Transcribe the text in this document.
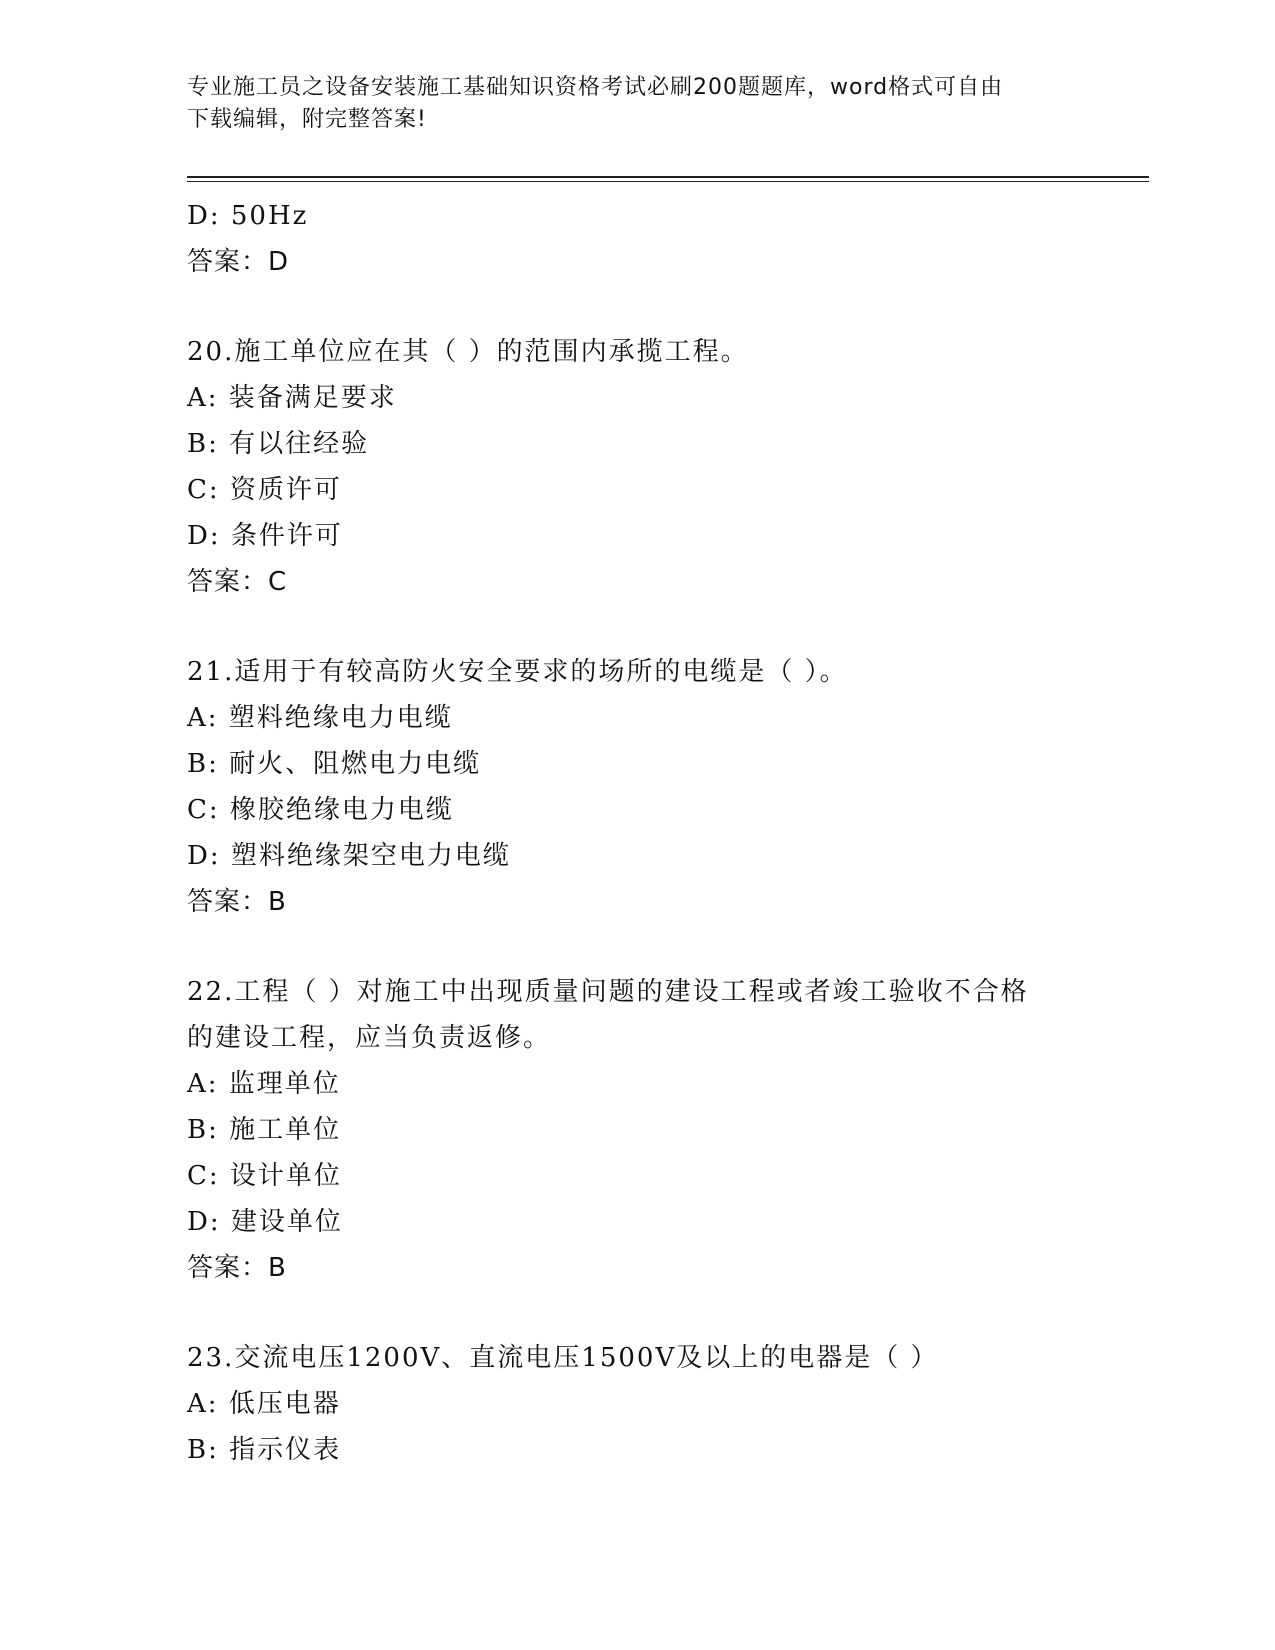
专业施工员之设备安装施工基础知识资格考试必刷200题题库，word格式可自由

下载编辑，附完整答案!

D: 50Hz
答案：D
20.施工单位应在其（ ）的范围内承揽工程。
A: 装备满足要求
B: 有以往经验
C: 资质许可
D: 条件许可
答案：C
21.适用于有较高防火安全要求的场所的电缆是（ ）。
A: 塑料绝缘电力电缆
B: 耐火、阻燃电力电缆
C: 橡胶绝缘电力电缆
D: 塑料绝缘架空电力电缆
答案：B
22.工程（ ）对施工中出现质量问题的建设工程或者竣工验收不合格
的建设工程，应当负责返修。
A: 监理单位
B: 施工单位
C: 设计单位
D: 建设单位
答案：B
23.交流电压1200V、直流电压1500V及以上的电器是（ ）
A: 低压电器
B: 指示仪表
